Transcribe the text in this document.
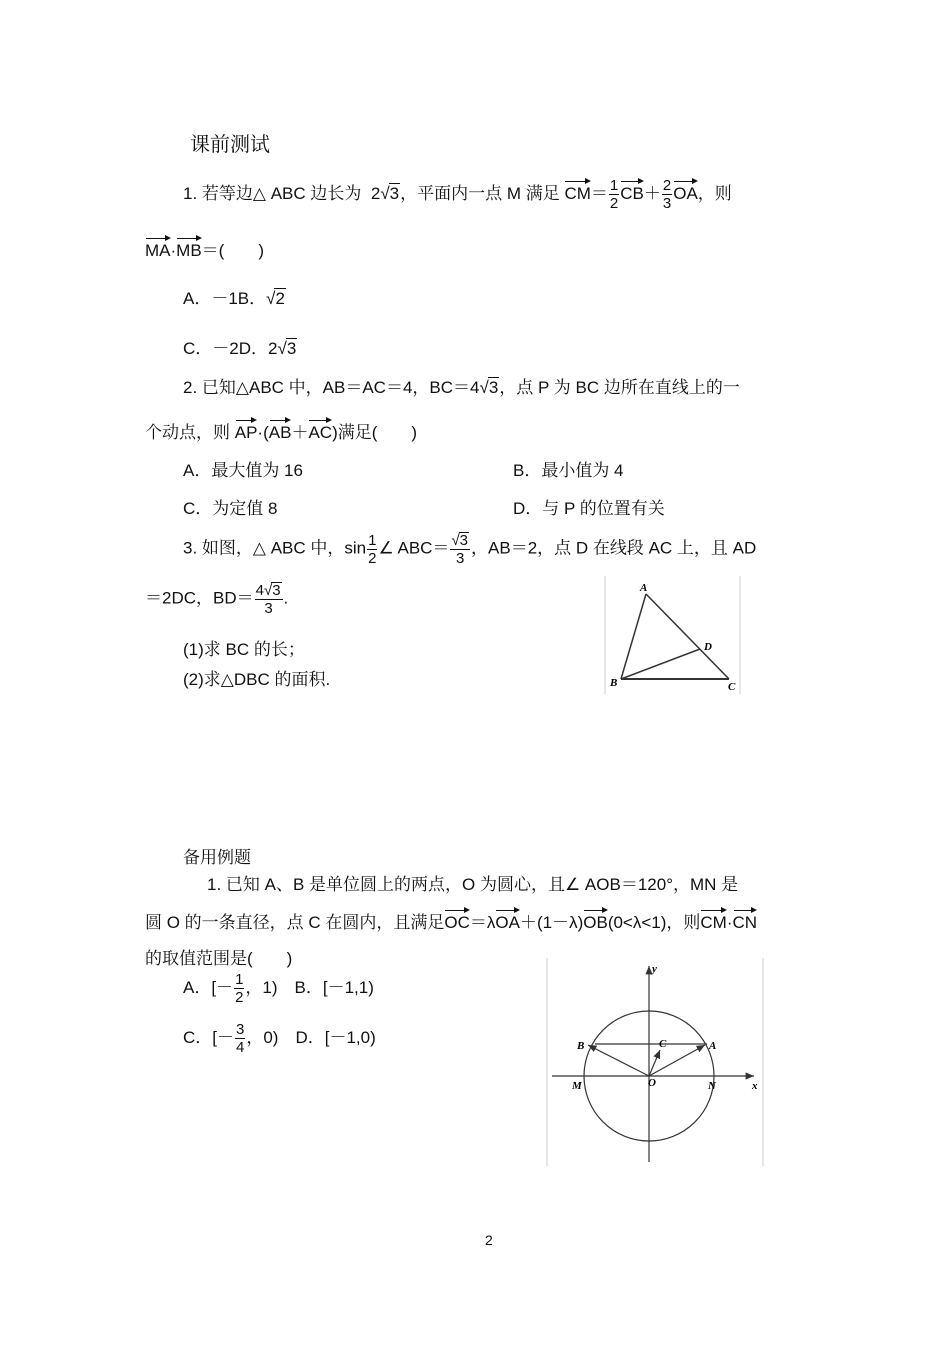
课前测试
1. 若等边△ ABC 边长为 2√3，平面内一点 M 满足 $CM= \frac{1}{2} CB+ \frac{2}{3}$ OA，则
MA·MB＝(　　)
A．－1B．√2
C．－2D．2√3
2. 已知△ABC 中，AB＝AC＝4，BC＝4√3，点 P 为 BC 边所在直线上的一
个动点，则 AP·(AB＋AC)满足(　　)
A．最大值为 16	B．最小值为 4
C．为定值 8	D．与 P 的位置有关
3. 如图，△ ABC 中，$\sin \frac{1}{2}$ ∠ $ABC= \frac{√3}{3}$ ，AB＝2，点 D 在线段 AC 上，且 AD
＝2DC，$BD= \frac{4√3}{3}$ .
(1)求 BC 的长；
(2)求△DBC 的面积.
A
B	C
D
备用例题
1. 已知 A、B 是单位圆上的两点，O 为圆心，且∠ AOB＝120°，MN 是
圆 O 的一条直径，点 C 在圆内，且满足OC＝λOA＋(1－λ)OB(0<λ<1)，则CM·CN
的取值范围是(　　)
A．[－ $\frac{1}{2}$ ，1)　B．[－1,1)
C．[－ $\frac{3}{4}$ ，0)　D．[－1,0)
y
x
A
B	C
O
M	N
2
